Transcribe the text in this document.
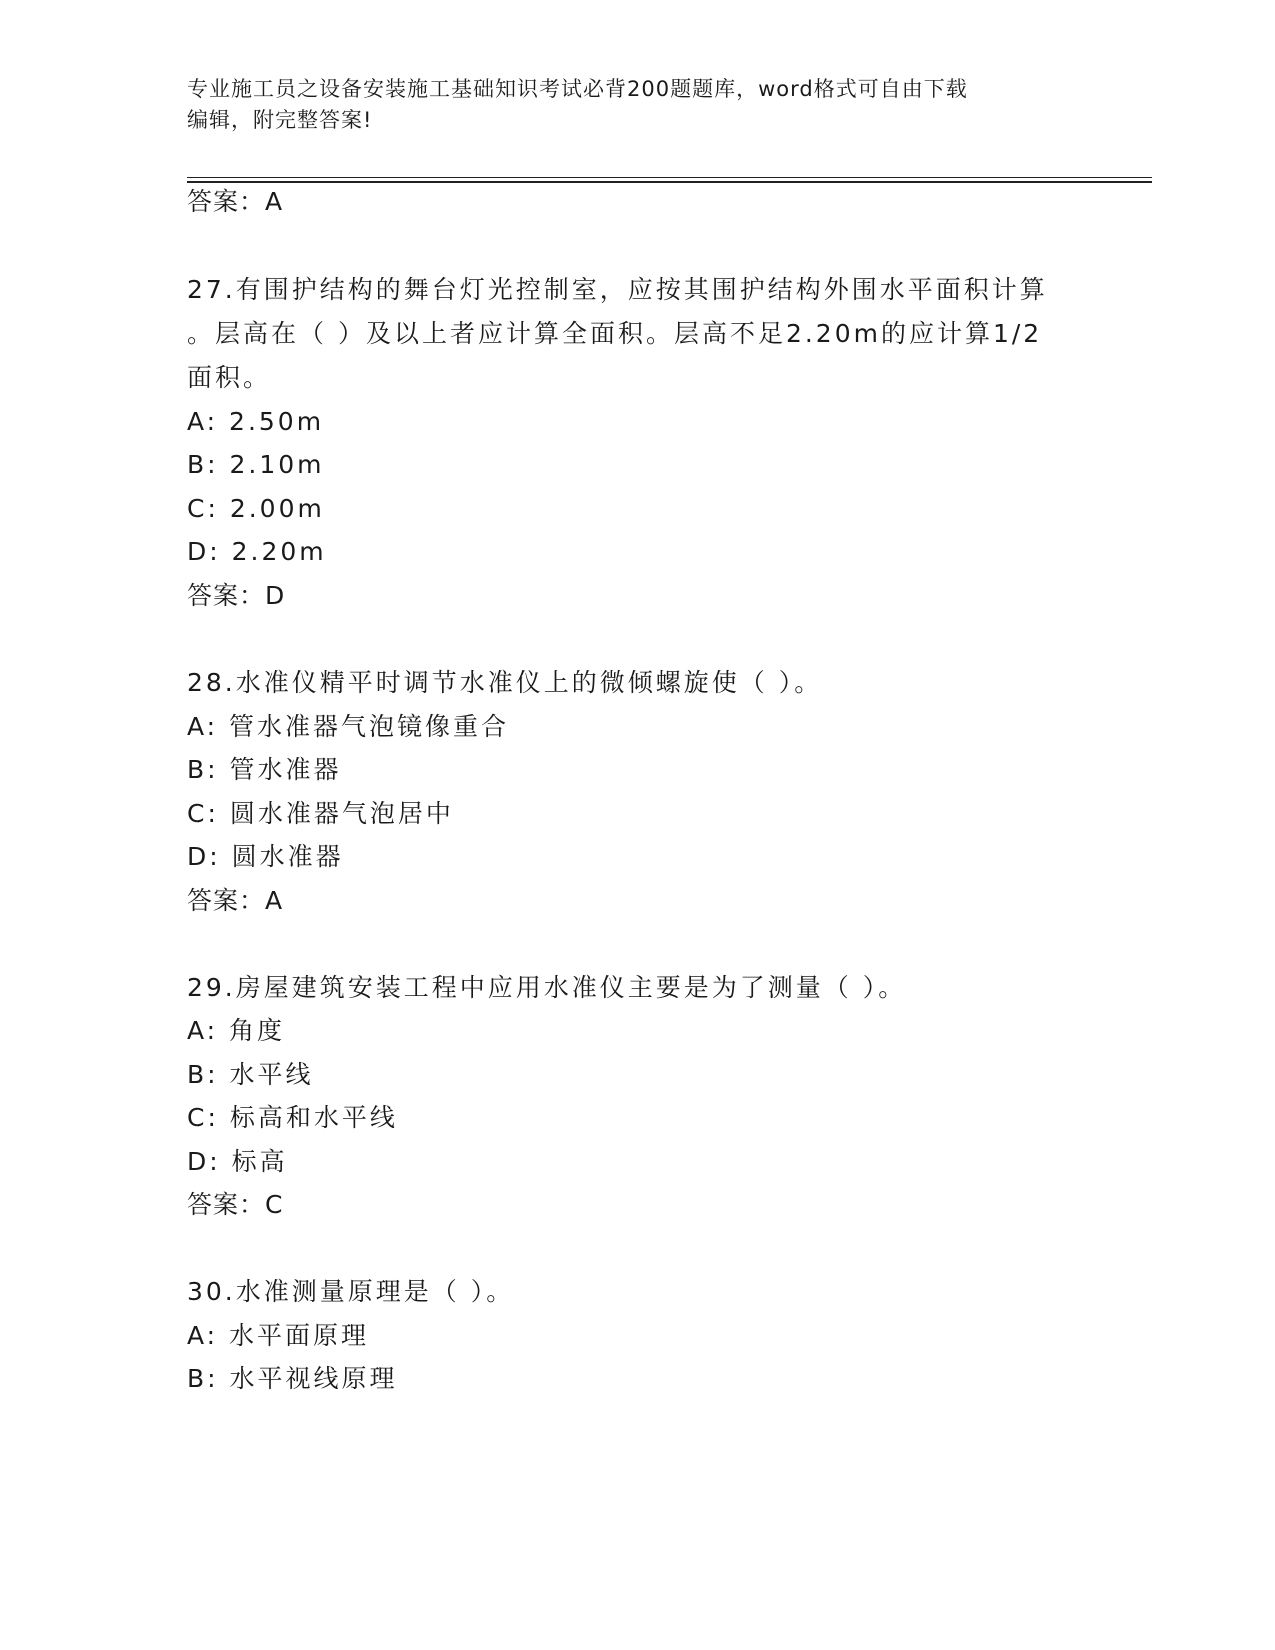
专业施工员之设备安装施工基础知识考试必背200题题库，word格式可自由下载
编辑，附完整答案!
答案：A
27.有围护结构的舞台灯光控制室，应按其围护结构外围水平面积计算
。层高在（ ）及以上者应计算全面积。层高不足2.20m的应计算1/2
面积。
A: 2.50m
B: 2.10m
C: 2.00m
D: 2.20m
答案：D
28.水准仪精平时调节水准仪上的微倾螺旋使（ ）。
A: 管水准器气泡镜像重合
B: 管水准器
C: 圆水准器气泡居中
D: 圆水准器
答案：A
29.房屋建筑安装工程中应用水准仪主要是为了测量（ ）。
A: 角度
B: 水平线
C: 标高和水平线
D: 标高
答案：C
30.水准测量原理是（ ）。
A: 水平面原理
B: 水平视线原理
